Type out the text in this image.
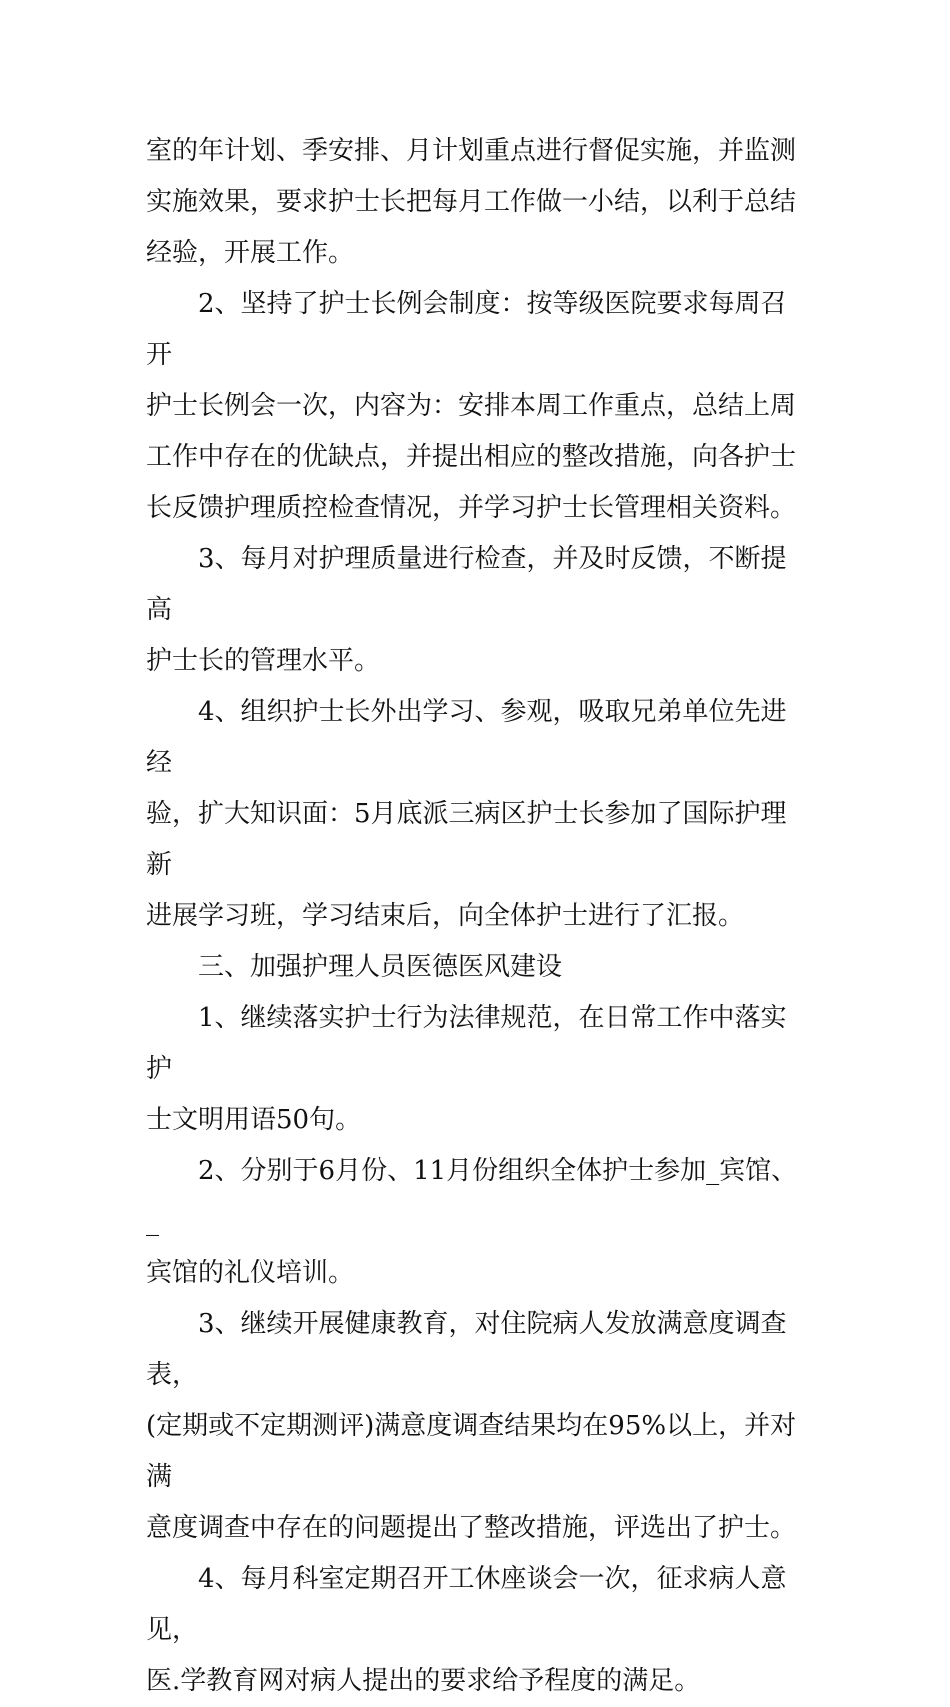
室的年计划、季安排、月计划重点进行督促实施，并监测
实施效果，要求护士长把每月工作做一小结，以利于总结
经验，开展工作。

2、坚持了护士长例会制度：按等级医院要求每周召开
护士长例会一次，内容为：安排本周工作重点，总结上周
工作中存在的优缺点，并提出相应的整改措施，向各护士
长反馈护理质控检查情况，并学习护士长管理相关资料。

3、每月对护理质量进行检查，并及时反馈，不断提高
护士长的管理水平。

4、组织护士长外出学习、参观，吸取兄弟单位先进经
验，扩大知识面：5月底派三病区护士长参加了国际护理新
进展学习班，学习结束后，向全体护士进行了汇报。

三、加强护理人员医德医风建设

1、继续落实护士行为法律规范，在日常工作中落实护
士文明用语50句。

2、分别于6月份、11月份组织全体护士参加_宾馆、_
宾馆的礼仪培训。

3、继续开展健康教育，对住院病人发放满意度调查表，
(定期或不定期测评)满意度调查结果均在95%以上，并对满
意度调查中存在的问题提出了整改措施，评选出了护士。

4、每月科室定期召开工休座谈会一次，征求病人意见，
医.学教育网对病人提出的要求给予程度的满足。
